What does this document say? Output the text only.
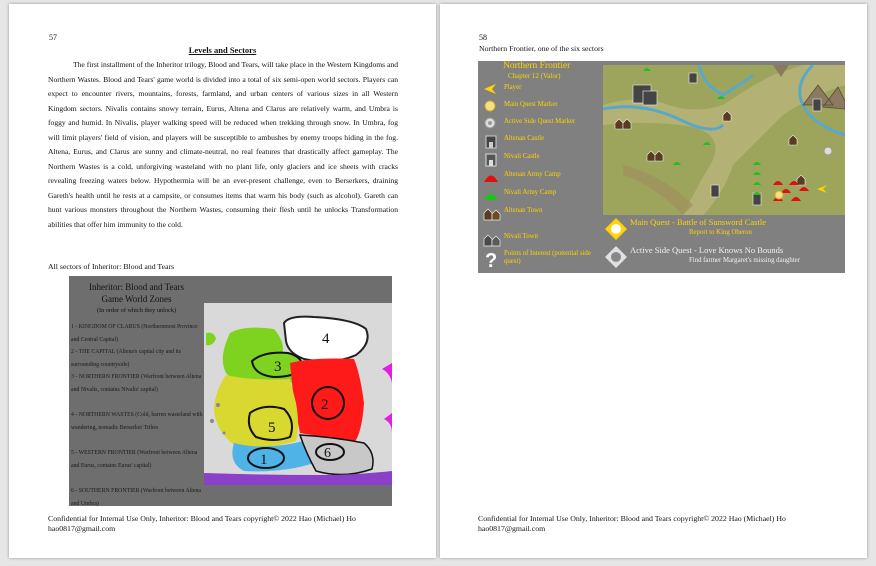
57
Levels and Sectors

The first installment of the Inheritor trilogy, Blood and Tears, will take place in the Western Kingdoms and Northern Wastes. Blood and Tears' game world is divided into a total of six semi-open world sectors. Players can expect to encounter rivers, mountains, forests, farmland, and urban centers of various sizes in all Western Kingdom sectors. Nivalis contains snowy terrain, Eurus, Altena and Clarus are relatively warm, and Umbra is foggy and humid. In Nivalis, player walking speed will be reduced when trekking through snow. In Umbra, fog will limit players' field of vision, and players will be susceptible to ambushes by enemy troops hiding in the fog. Altena, Eurus, and Clarus are sunny and climate-neutral, no real features that drastically affect gameplay. The Northern Wastes is a cold, unforgiving wasteland with no plant life, only glaciers and ice sheets with cracks revealing freezing waters below. Hypothermia will be an ever-present challenge, even to Berserkers, draining Gareth's health until he rests at a campsite, or consumes items that warm his body (such as alcohol). Gareth can hunt various monsters throughout the Northern Wastes, consuming their flesh until he unlocks Transformation abilities that offer him immunity to the cold.

All sectors of Inheritor: Blood and Tears
Inheritor: Blood and Tears
Game World Zones
(In order of which they unlock)
1 - KINGDOM OF CLARUS (Northernmost Province and Central Capital)
2 - THE CAPITAL (Altena's capital city and its surrounding countryside)
3 - NORTHERN FRONTIER (Warfront between Altena and Nivalis, contains Nivalis' capital)
4 - NORTHERN WASTES (Cold, barren wasteland with wandering, nomadic Berserker Tribes
5 - WESTERN FRONTIER (Warfront between Altena and Eurus, contains Eurus' capital)
6 - SOUTHERN FRONTIER (Warfront between Altena and Umbra)
4
3
2
5
1	6
Confidential for Internal Use Only, Inheritor: Blood and Tears copyright© 2022 Hao (Michael) Ho
hao0817@gmail.com
58
Northern Frontier, one of the six sectors
Northern Frontier
Chapter 12 (Valor)
Player
Main Quest Marker
Active Side Quest Marker
Altenan Castle
Nivali Castle
Altenan Army Camp
Nivali Army Camp
Altenan Town
Nivali Town
? Points of Interest (potential side quest)
Main Quest - Battle of Sunsword Castle
Report to King Oberon
Active Side Quest - Love Knows No Bounds
Find farmer Margaret's missing daughter
Confidential for Internal Use Only, Inheritor: Blood and Tears copyright© 2022 Hao (Michael) Ho
hao0817@gmail.com
